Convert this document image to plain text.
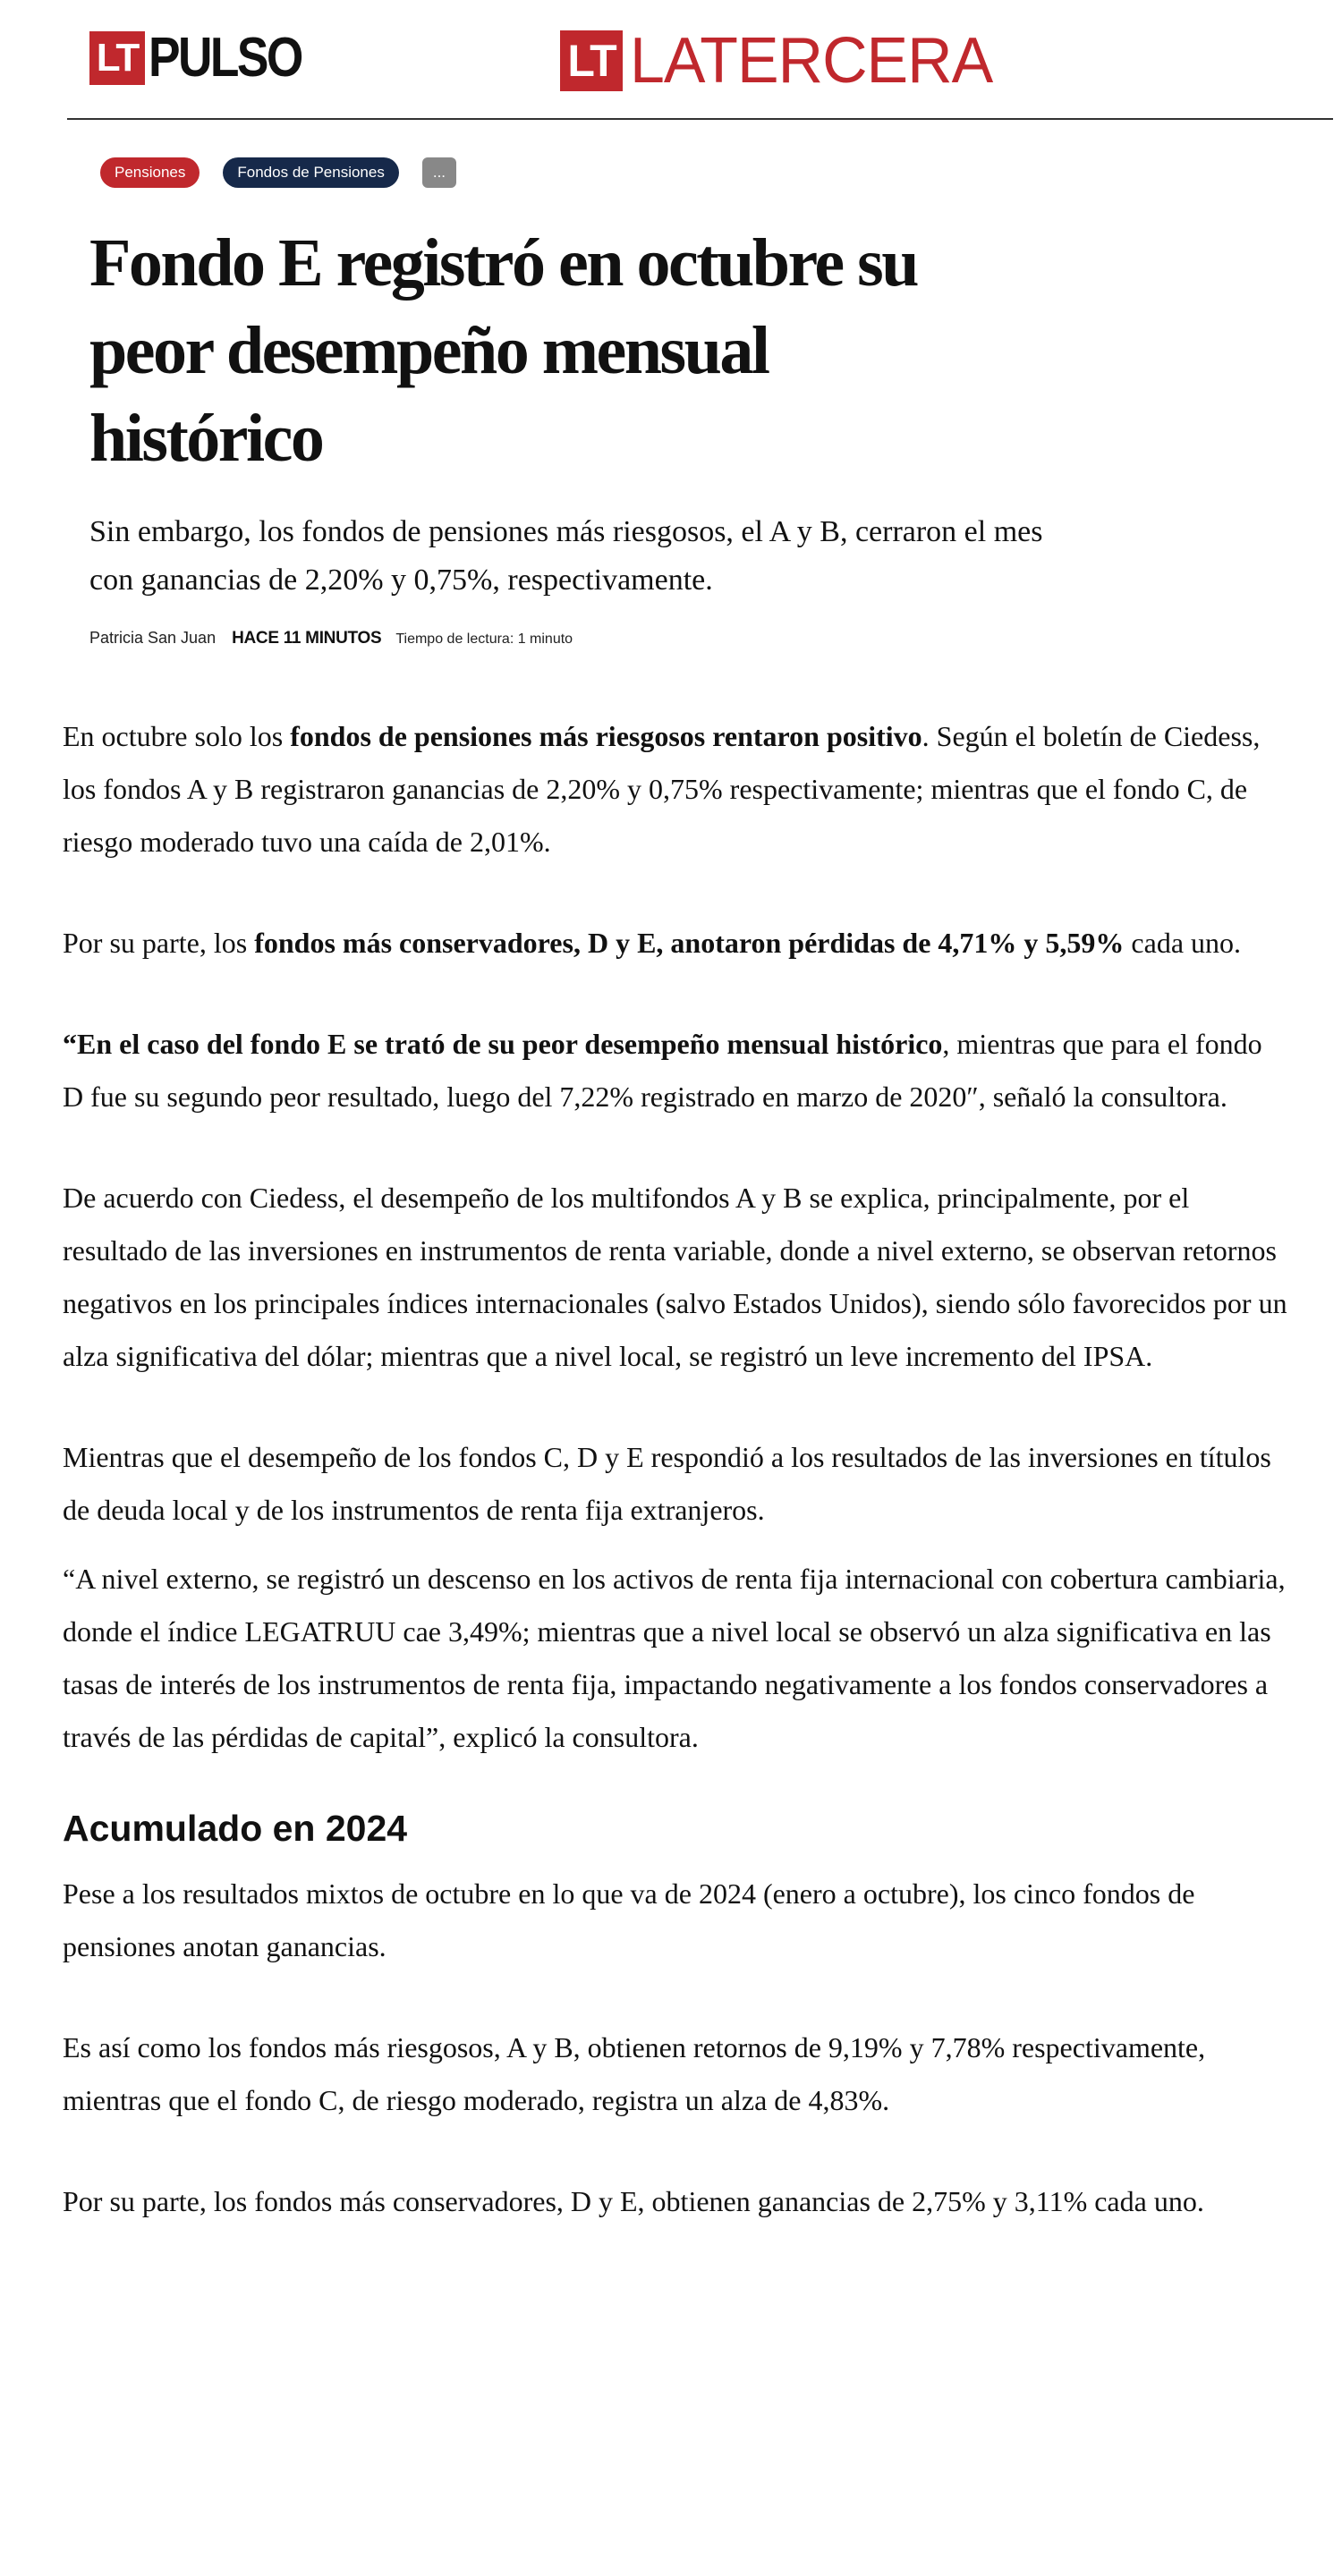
LT PULSO	LT LATERCERA
Pensiones	Fondos de Pensiones	...
Fondo E registró en octubre su peor desempeño mensual histórico

Sin embargo, los fondos de pensiones más riesgosos, el A y B, cerraron el mes con ganancias de 2,20% y 0,75%, respectivamente.

Patricia San Juan HACE 11 MINUTOS Tiempo de lectura: 1 minuto

En octubre solo los fondos de pensiones más riesgosos rentaron positivo. Según el boletín de Ciedess, los fondos A y B registraron ganancias de 2,20% y 0,75% respectivamente; mientras que el fondo C, de riesgo moderado tuvo una caída de 2,01%.

Por su parte, los fondos más conservadores, D y E, anotaron pérdidas de 4,71% y 5,59% cada uno.

“En el caso del fondo E se trató de su peor desempeño mensual histórico, mientras que para el fondo D fue su segundo peor resultado, luego del 7,22% registrado en marzo de 2020″, señaló la consultora.

De acuerdo con Ciedess, el desempeño de los multifondos A y B se explica, principalmente, por el resultado de las inversiones en instrumentos de renta variable, donde a nivel externo, se observan retornos negativos en los principales índices internacionales (salvo Estados Unidos), siendo sólo favorecidos por un alza significativa del dólar; mientras que a nivel local, se registró un leve incremento del IPSA.

Mientras que el desempeño de los fondos C, D y E respondió a los resultados de las inversiones en títulos de deuda local y de los instrumentos de renta fija extranjeros.

“A nivel externo, se registró un descenso en los activos de renta fija internacional con cobertura cambiaria, donde el índice LEGATRUU cae 3,49%; mientras que a nivel local se observó un alza significativa en las tasas de interés de los instrumentos de renta fija, impactando negativamente a los fondos conservadores a través de las pérdidas de capital”, explicó la consultora.

Acumulado en 2024

Pese a los resultados mixtos de octubre en lo que va de 2024 (enero a octubre), los cinco fondos de pensiones anotan ganancias.

Es así como los fondos más riesgosos, A y B, obtienen retornos de 9,19% y 7,78% respectivamente, mientras que el fondo C, de riesgo moderado, registra un alza de 4,83%.

Por su parte, los fondos más conservadores, D y E, obtienen ganancias de 2,75% y 3,11% cada uno.
